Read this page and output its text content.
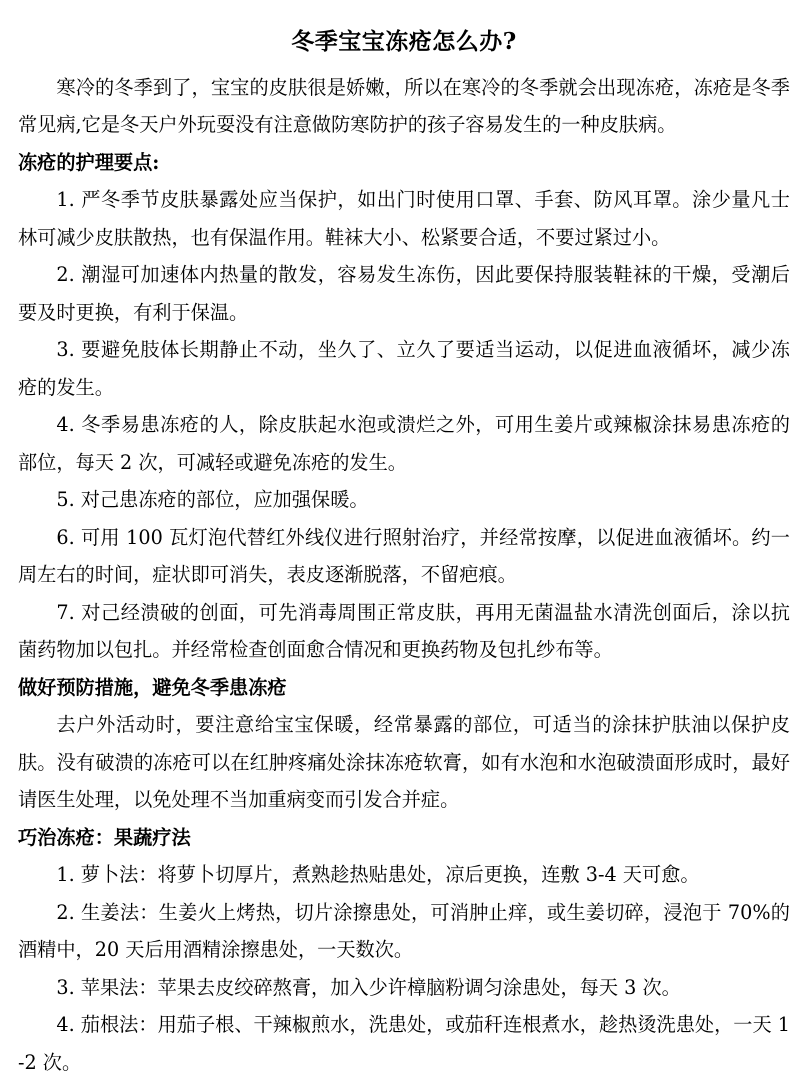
冬季宝宝冻疮怎么办?

寒冷的冬季到了，宝宝的皮肤很是娇嫩，所以在寒冷的冬季就会出现冻疮，冻疮是冬季常见病,它是冬天户外玩耍没有注意做防寒防护的孩子容易发生的一种皮肤病。

冻疮的护理要点:

1. 严冬季节皮肤暴露处应当保护，如出门时使用口罩、手套、防风耳罩。涂少量凡士林可减少皮肤散热，也有保温作用。鞋袜大小、松紧要合适，不要过紧过小。

2. 潮湿可加速体内热量的散发，容易发生冻伤，因此要保持服装鞋袜的干燥，受潮后要及时更换，有利于保温。

3. 要避免肢体长期静止不动，坐久了、立久了要适当运动，以促进血液循坏，减少冻疮的发生。

4. 冬季易患冻疮的人，除皮肤起水泡或溃烂之外，可用生姜片或辣椒涂抹易患冻疮的部位，每天 2 次，可减轻或避免冻疮的发生。

5. 对己患冻疮的部位，应加强保暖。

6. 可用 100 瓦灯泡代替红外线仪进行照射治疗，并经常按摩，以促进血液循坏。约一周左右的时间，症状即可消失，表皮逐渐脱落，不留疤痕。

7. 对己经溃破的创面，可先消毒周围正常皮肤，再用无菌温盐水清洗创面后，涂以抗菌药物加以包扎。并经常检查创面愈合情况和更换药物及包扎纱布等。

做好预防措施，避免冬季患冻疮

去户外活动时，要注意给宝宝保暖，经常暴露的部位，可适当的涂抹护肤油以保护皮肤。没有破溃的冻疮可以在红肿疼痛处涂抹冻疮软膏，如有水泡和水泡破溃面形成时，最好请医生处理，以免处理不当加重病变而引发合并症。

巧治冻疮：果蔬疗法

1. 萝卜法：将萝卜切厚片，煮熟趁热贴患处，凉后更换，连敷 3-4 天可愈。

2. 生姜法：生姜火上烤热，切片涂擦患处，可消肿止痒，或生姜切碎，浸泡于 70%的酒精中，20 天后用酒精涂擦患处，一天数次。

3. 苹果法：苹果去皮绞碎熬膏，加入少许樟脑粉调匀涂患处，每天 3 次。

4. 茄根法：用茄子根、干辣椒煎水，洗患处，或茄秆连根煮水，趁热烫洗患处，一天 1-2 次。
